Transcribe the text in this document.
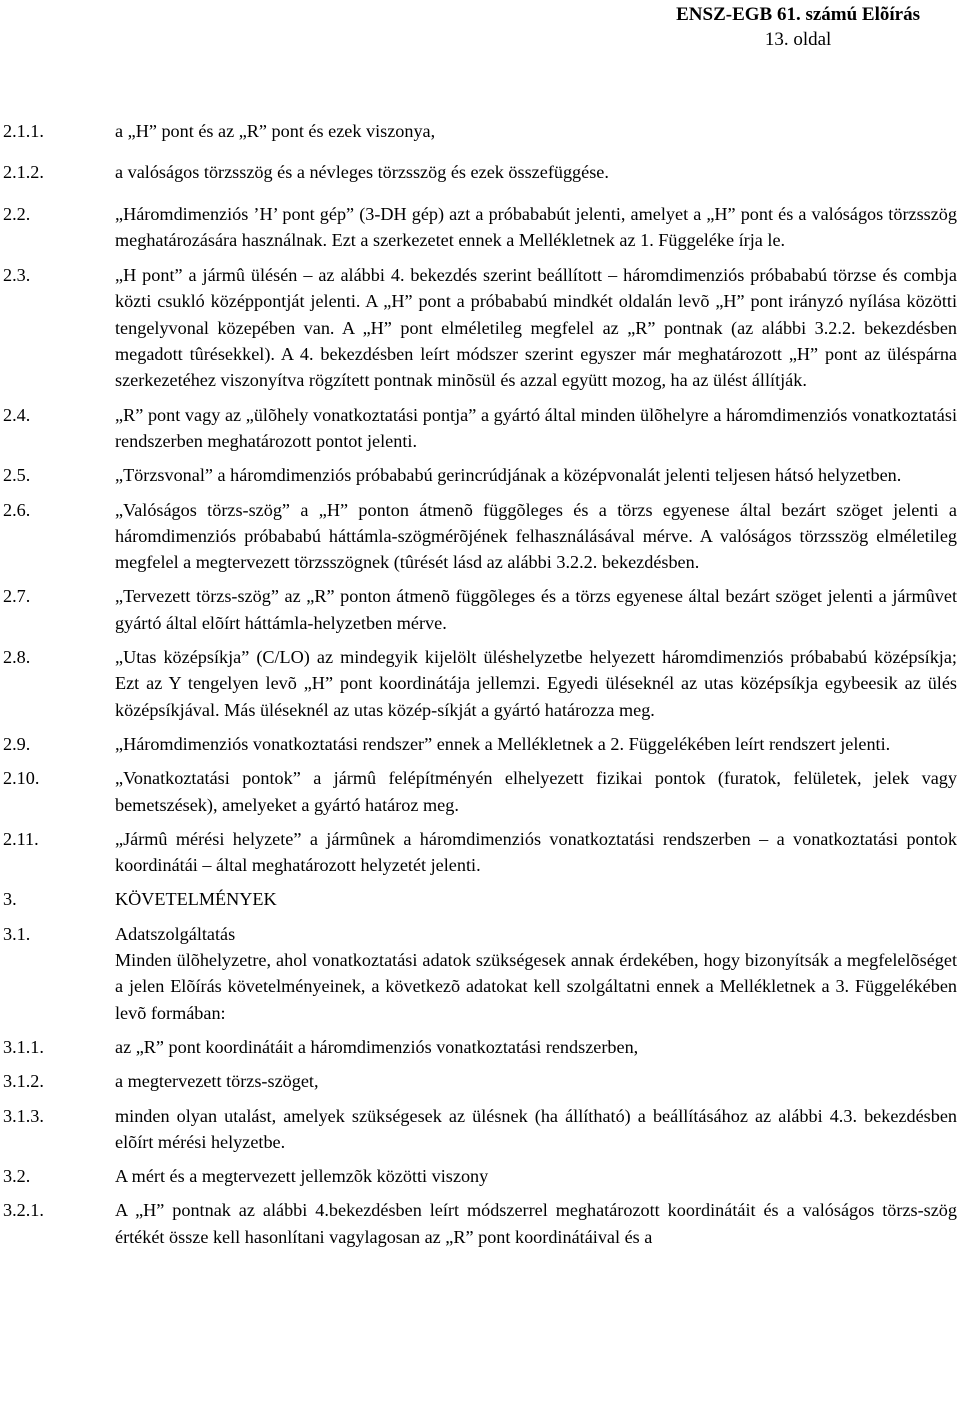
ENSZ-EGB 61. számú Elõírás
13. oldal
2.1.1.	a „H” pont és az „R” pont és ezek viszonya,
2.1.2.	a valóságos törzsszög és a névleges törzsszög és ezek összefüggése.
2.2.	„Háromdimenziós ’H’ pont gép” (3-DH gép) azt a próbababút jelenti, amelyet a „H” pont és a valóságos törzsszög meghatározására használnak. Ezt a szerkezetet ennek a Mellékletnek az 1. Függeléke írja le.
2.3.	„H pont” a jármû ülésén – az alábbi 4. bekezdés szerint beállított – háromdimenziós próbababú törzse és combja közti csukló középpontját jelenti. A „H” pont a próbababú mindkét oldalán levõ „H” pont irányzó nyílása közötti tengelyvonal közepében van. A „H” pont elméletileg megfelel az „R” pontnak (az alábbi 3.2.2. bekezdésben megadott tûrésekkel). A 4. bekezdésben leírt módszer szerint egyszer már meghatározott „H” pont az üléspárna szerkezetéhez viszonyítva rögzített pontnak minõsül és azzal együtt mozog, ha az ülést állítják.
2.4.	„R” pont vagy az „ülõhely vonatkoztatási pontja” a gyártó által minden ülõhelyre a háromdimenziós vonatkoztatási rendszerben meghatározott pontot jelenti.
2.5.	„Törzsvonal” a háromdimenziós próbababú gerincrúdjának a középvonalát jelenti teljesen hátsó helyzetben.
2.6.	„Valóságos törzs-szög” a „H” ponton átmenõ függõleges és a törzs egyenese által bezárt szöget jelenti a háromdimenziós próbababú háttámla-szögmérõjének felhasználásával mérve. A valóságos törzsszög elméletileg megfelel a megtervezett törzsszögnek (tûrését lásd az alábbi 3.2.2. bekezdésben.
2.7.	„Tervezett törzs-szög” az „R” ponton átmenõ függõleges és a törzs egyenese által bezárt szöget jelenti a jármûvet gyártó által elõírt háttámla-helyzetben mérve.
2.8.	„Utas középsíkja” (C/LO) az mindegyik kijelölt üléshelyzetbe helyezett háromdimenziós próbababú középsíkja; Ezt az Y tengelyen levõ „H” pont koordinátája jellemzi. Egyedi üléseknél az utas középsíkja egybeesik az ülés középsíkjával. Más üléseknél az utas közép-síkját a gyártó határozza meg.
2.9.	„Háromdimenziós vonatkoztatási rendszer” ennek a Mellékletnek a 2. Függelékében leírt rendszert jelenti.
2.10.	„Vonatkoztatási pontok” a jármû felépítményén elhelyezett fizikai pontok (furatok, felületek, jelek vagy bemetszések), amelyeket a gyártó határoz meg.
2.11.	„Jármû mérési helyzete” a jármûnek a háromdimenziós vonatkoztatási rendszerben – a vonatkoztatási pontok koordinátái – által meghatározott helyzetét jelenti.
3.	KÖVETELMÉNYEK
3.1.	Adatszolgáltatás
Minden ülõhelyzetre, ahol vonatkoztatási adatok szükségesek annak érdekében, hogy bizonyítsák a megfelelõséget a jelen Elõírás követelményeinek, a következõ adatokat kell szolgáltatni ennek a Mellékletnek a 3. Függelékében levõ formában:
3.1.1.	az „R” pont koordinátáit a háromdimenziós vonatkoztatási rendszerben,
3.1.2.	a megtervezett törzs-szöget,
3.1.3.	minden olyan utalást, amelyek szükségesek az ülésnek (ha állítható) a beállításához az alábbi 4.3. bekezdésben elõírt mérési helyzetbe.
3.2.	A mért és a megtervezett jellemzõk közötti viszony
3.2.1.	A „H” pontnak az alábbi 4.bekezdésben leírt módszerrel meghatározott koordinátáit és a valóságos törzs-szög értékét össze kell hasonlítani vagylagosan az „R” pont koordinátáival és a
